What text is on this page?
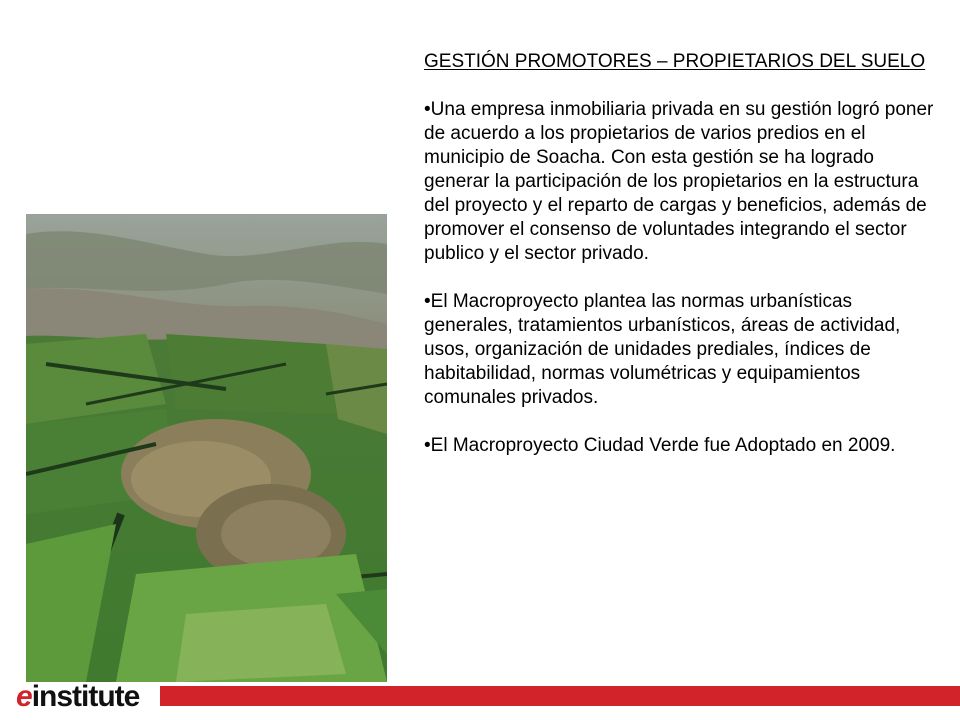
GESTIÓN PROMOTORES – PROPIETARIOS DEL SUELO

•Una empresa inmobiliaria privada en su gestión logró poner de acuerdo a los propietarios de varios predios en el municipio de Soacha. Con esta gestión se ha logrado generar la participación de los propietarios en la estructura del proyecto y el reparto de cargas y beneficios, además de promover el consenso de voluntades integrando el sector publico y el sector privado.

•El Macroproyecto plantea las normas urbanísticas generales, tratamientos urbanísticos, áreas de actividad, usos, organización de unidades prediales, índices de habitabilidad, normas volumétricas y equipamientos comunales privados.

•El Macroproyecto Ciudad Verde fue Adoptado en 2009.

e institute
